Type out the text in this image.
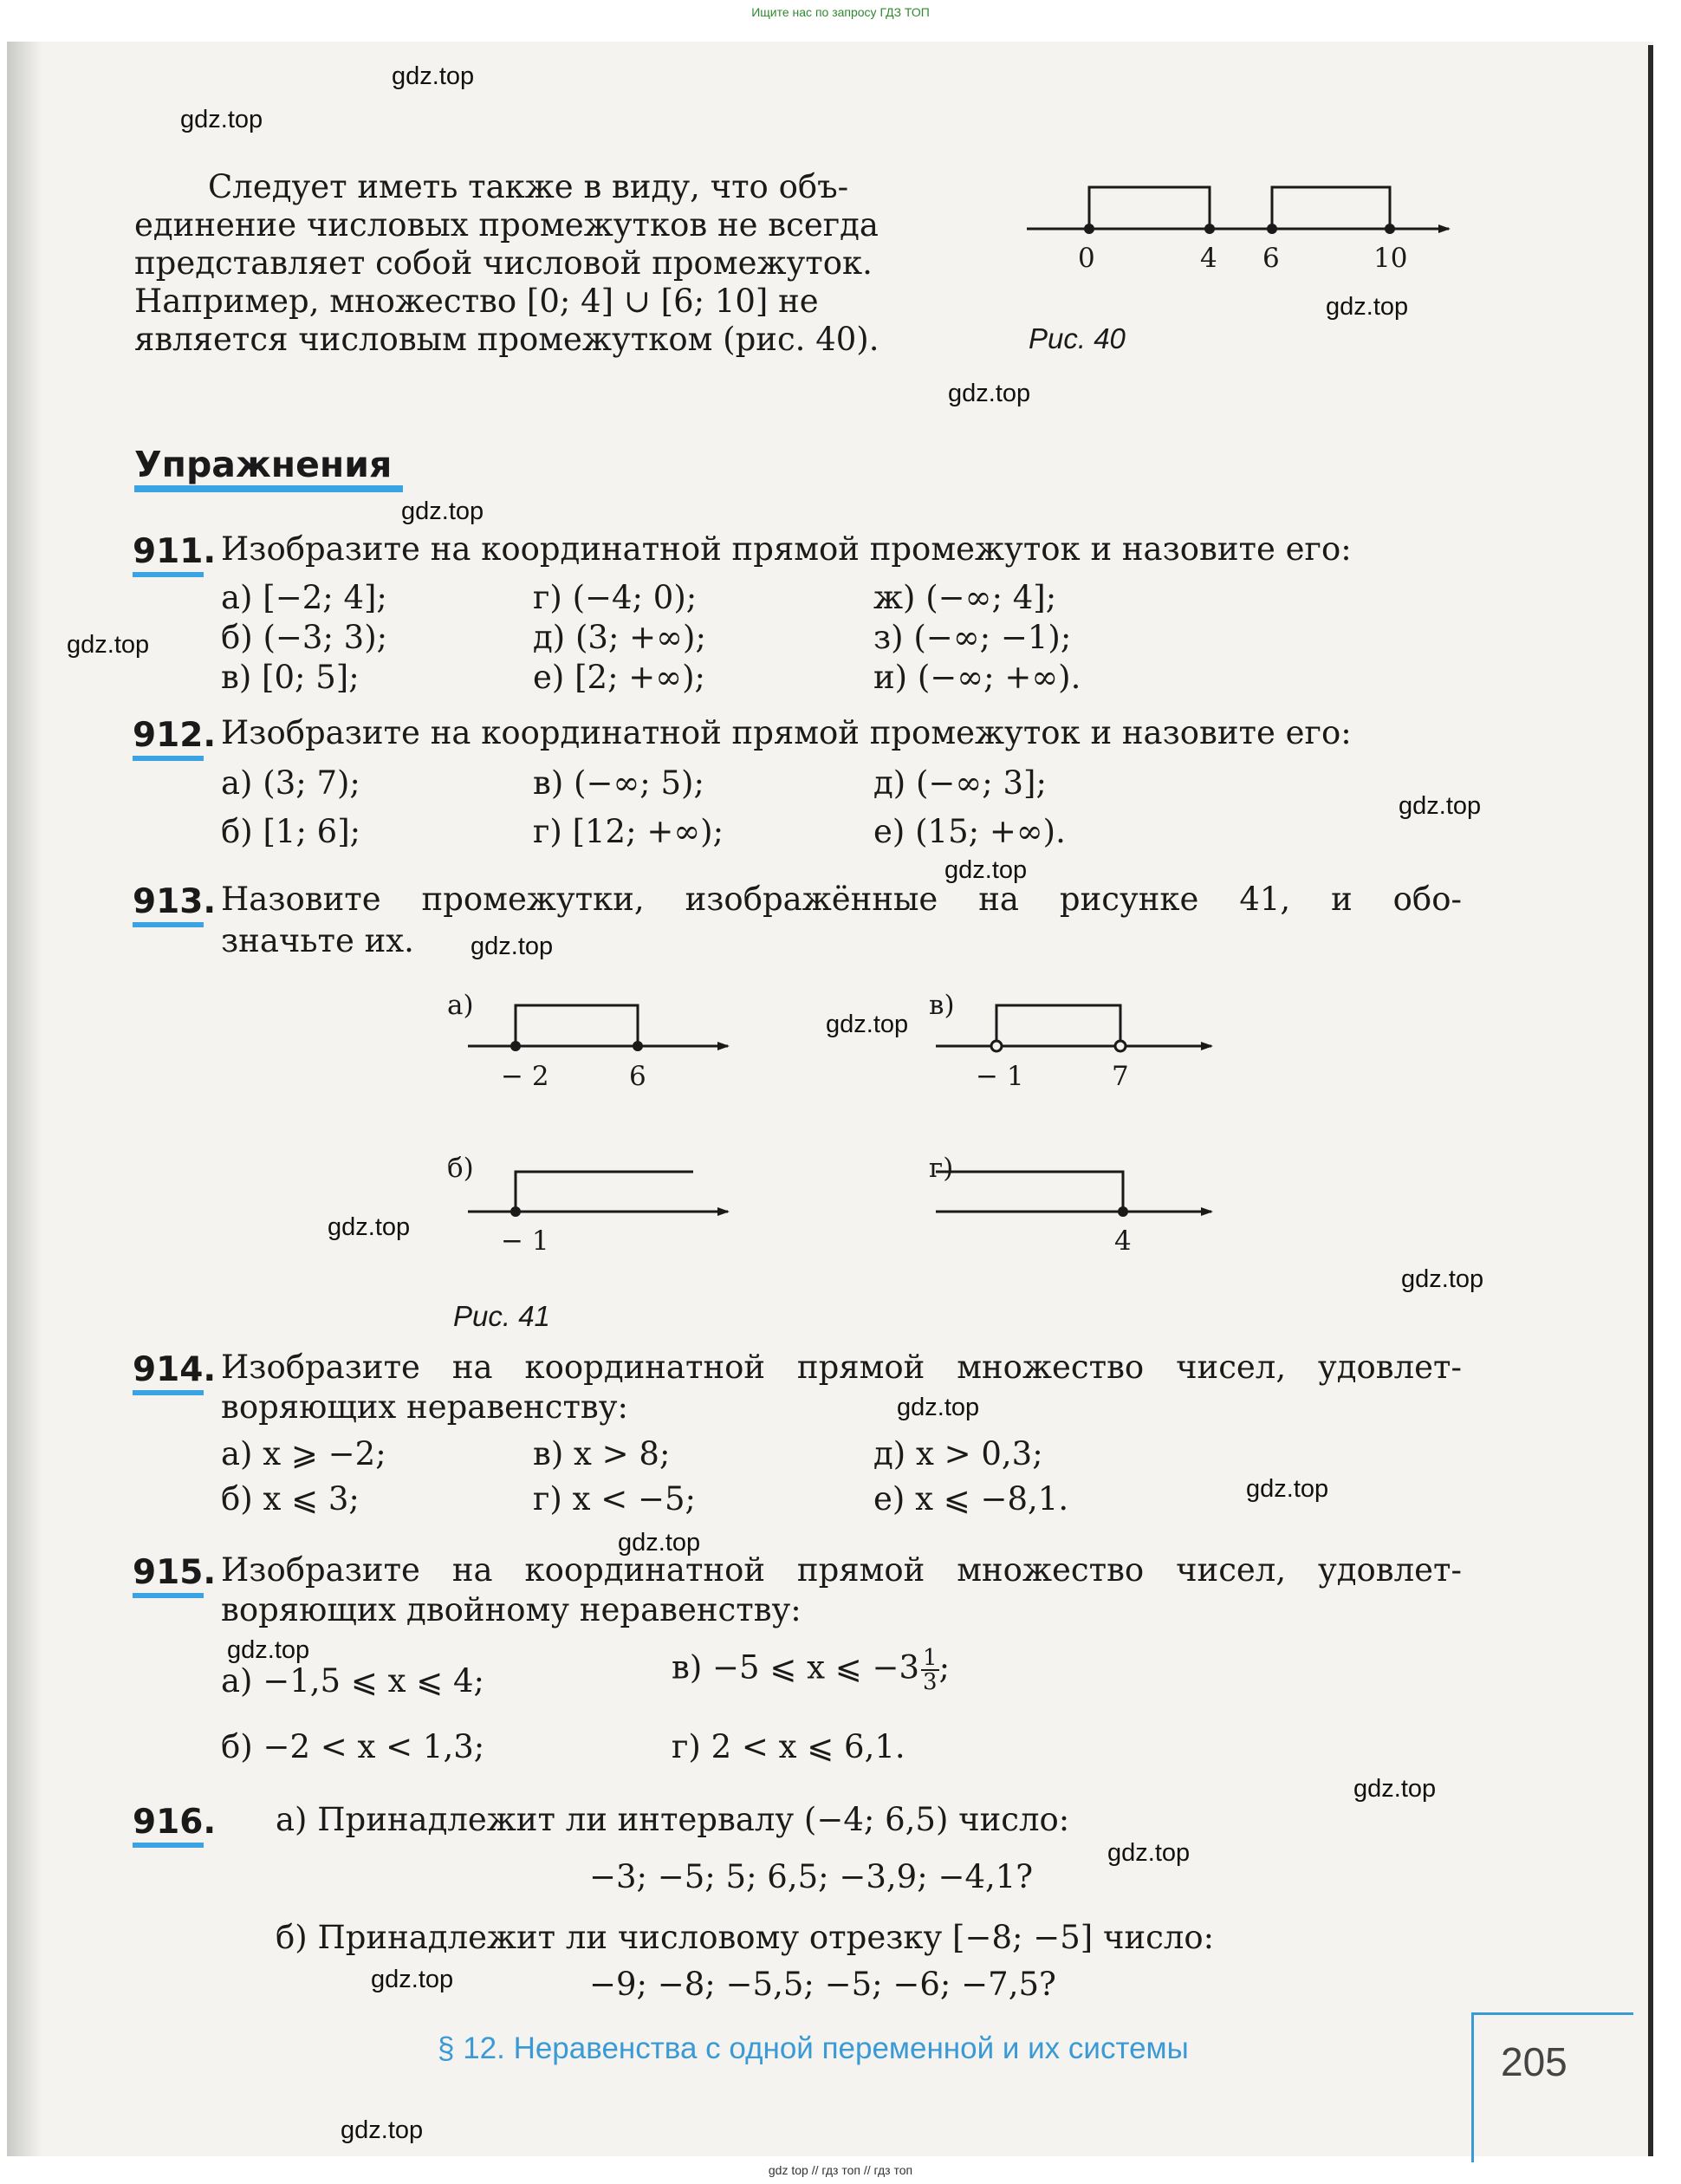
Ищите нас по запросу ГДЗ ТОП
gdz.top
gdz.top
gdz.top
gdz.top
gdz.top
gdz.top
gdz.top
gdz.top
gdz.top
gdz.top
gdz.top
gdz.top
gdz.top
gdz.top
gdz.top
gdz.top
gdz.top
gdz.top
gdz.top
gdz.top
Следует иметь также в виду, что объ-
единение числовых промежутков не всегда
представляет собой числовой промежуток.
Например, множество [0; 4] ∪ [6; 10] не
является числовым промежутком (рис. 40).
0	4 6	10
Рис. 40
Упражнения
911. Изобразите на координатной прямой промежуток и назовите его:
а) [−2; 4];	г) (−4; 0);	ж) (−∞; 4];
б) (−3; 3);	д) (3; +∞);	з) (−∞; −1);
в) [0; 5];	е) [2; +∞);	и) (−∞; +∞).
912. Изобразите на координатной прямой промежуток и назовите его:
а) (3; 7);	в) (−∞; 5);	д) (−∞; 3];
б) [1; 6];	г) [12; +∞);	е) (15; +∞).
913. Назовите промежутки, изображённые на рисунке 41, и обо-
значьте их.
а)
− 2	6
б)
− 1
в)
− 1	7
г)
4
Рис. 41
914. Изобразите на координатной прямой множество чисел, удовлет-
воряющих неравенству:
а) x ⩾ −2;	в) x > 8;	д) x > 0,3;
б) x ⩽ 3;	г) x < −5;	е) x ⩽ −8,1.
915. Изобразите на координатной прямой множество чисел, удовлет-
воряющих двойному неравенству:
а) −1,5 ⩽ x ⩽ 4;	в) −5 ⩽ x ⩽ $-3 \frac{1}{3}$ ;
б) −2 < x < 1,3;	г) 2 < x ⩽ 6,1.
916. а) Принадлежит ли интервалу (−4; 6,5) число:
−3; −5; 5; 6,5; −3,9; −4,1?
б) Принадлежит ли числовому отрезку [−8; −5] число:
−9; −8; −5,5; −5; −6; −7,5?
§ 12. Неравенства с одной переменной и их системы	205
gdz top // гдз топ // гдз топ
